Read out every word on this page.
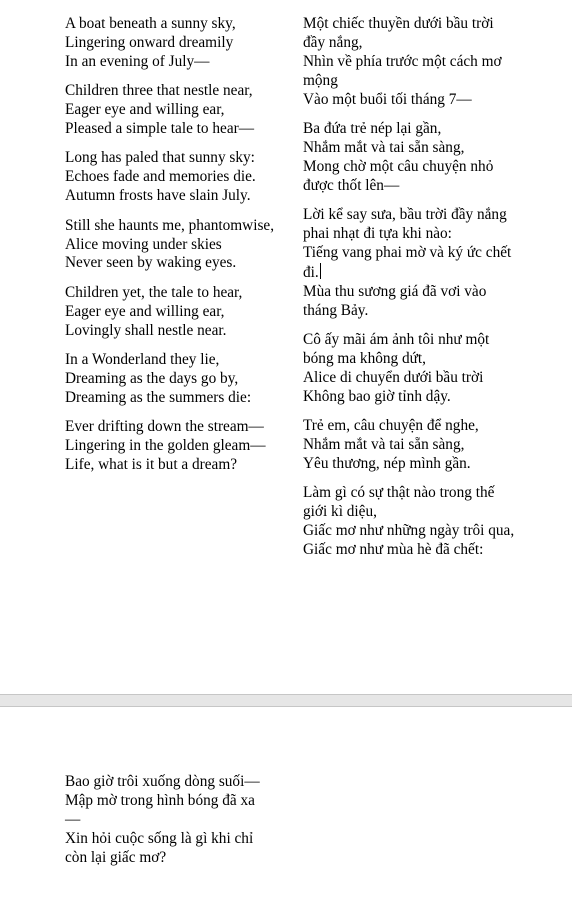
A boat beneath a sunny sky,
Lingering onward dreamily
In an evening of July—
Children three that nestle near,
Eager eye and willing ear,
Pleased a simple tale to hear—
Long has paled that sunny sky:
Echoes fade and memories die.
Autumn frosts have slain July.
Still she haunts me, phantomwise,
Alice moving under skies
Never seen by waking eyes.
Children yet, the tale to hear,
Eager eye and willing ear,
Lovingly shall nestle near.
In a Wonderland they lie,
Dreaming as the days go by,
Dreaming as the summers die:
Ever drifting down the stream—
Lingering in the golden gleam—
Life, what is it but a dream?
Một chiếc thuyền dưới bầu trời đầy nắng,
Nhìn về phía trước một cách mơ mộng
Vào một buổi tối tháng 7—
Ba đứa trẻ nép lại gần,
Nhắm mắt và tai sẵn sàng,
Mong chờ một câu chuyện nhỏ được thốt lên—
Lời kể say sưa, bầu trời đầy nắng phai nhạt đi tựa khi nào:
Tiếng vang phai mờ và ký ức chết đi.
Mùa thu sương giá đã vơi vào tháng Bảy.
Cô ấy mãi ám ảnh tôi như một bóng ma không dứt,
Alice di chuyển dưới bầu trời
Không bao giờ tỉnh dậy.
Trẻ em, câu chuyện để nghe,
Nhắm mắt và tai sẵn sàng,
Yêu thương, nép mình gần.
Làm gì có sự thật nào trong thế giới kì diệu,
Giấc mơ như những ngày trôi qua,
Giấc mơ như mùa hè đã chết:
Bao giờ trôi xuống dòng suối—
Mập mờ trong hình bóng đã xa—
Xin hỏi cuộc sống là gì khi chỉ còn lại giấc mơ?
